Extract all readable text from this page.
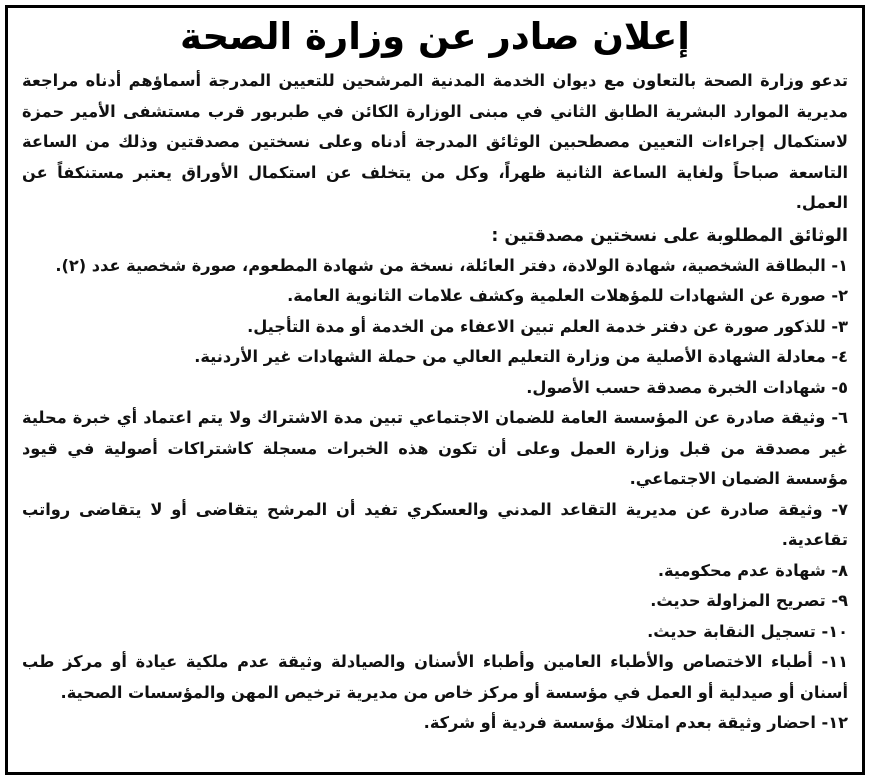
إعلان صادر عن وزارة الصحة

تدعو وزارة الصحة بالتعاون مع ديوان الخدمة المدنية المرشحين للتعيين المدرجة أسماؤهم أدناه مراجعة مديرية الموارد البشرية الطابق الثاني في مبنى الوزارة الكائن في طبربور قرب مستشفى الأمير حمزة لاستكمال إجراءات التعيين مصطحبين الوثائق المدرجة أدناه وعلى نسختين مصدقتين وذلك من الساعة التاسعة صباحاً ولغاية الساعة الثانية ظهراً، وكل من يتخلف عن استكمال الأوراق يعتبر مستنكفاً عن العمل.

الوثائق المطلوبة على نسختين مصدقتين :
١- البطاقة الشخصية، شهادة الولادة، دفتر العائلة، نسخة من شهادة المطعوم، صورة شخصية عدد (٢).
٢- صورة عن الشهادات للمؤهلات العلمية وكشف علامات الثانوية العامة.
٣- للذكور صورة عن دفتر خدمة العلم تبين الاعفاء من الخدمة أو مدة التأجيل.
٤- معادلة الشهادة الأصلية من وزارة التعليم العالي من حملة الشهادات غير الأردنية.
٥- شهادات الخبرة مصدقة حسب الأصول.
٦- وثيقة صادرة عن المؤسسة العامة للضمان الاجتماعي تبين مدة الاشتراك ولا يتم اعتماد أي خبرة محلية غير مصدقة من قبل وزارة العمل وعلى أن تكون هذه الخبرات مسجلة كاشتراكات أصولية في قيود مؤسسة الضمان الاجتماعي.
٧- وثيقة صادرة عن مديرية التقاعد المدني والعسكري تفيد أن المرشح يتقاضى أو لا يتقاضى رواتب تقاعدية.
٨- شهادة عدم محكومية.
٩- تصريح المزاولة حديث.
١٠- تسجيل النقابة حديث.
١١- أطباء الاختصاص والأطباء العامين وأطباء الأسنان والصيادلة وثيقة عدم ملكية عيادة أو مركز طب أسنان أو صيدلية أو العمل في مؤسسة أو مركز خاص من مديرية ترخيص المهن والمؤسسات الصحية.
١٢- احضار وثيقة بعدم امتلاك مؤسسة فردية أو شركة.
